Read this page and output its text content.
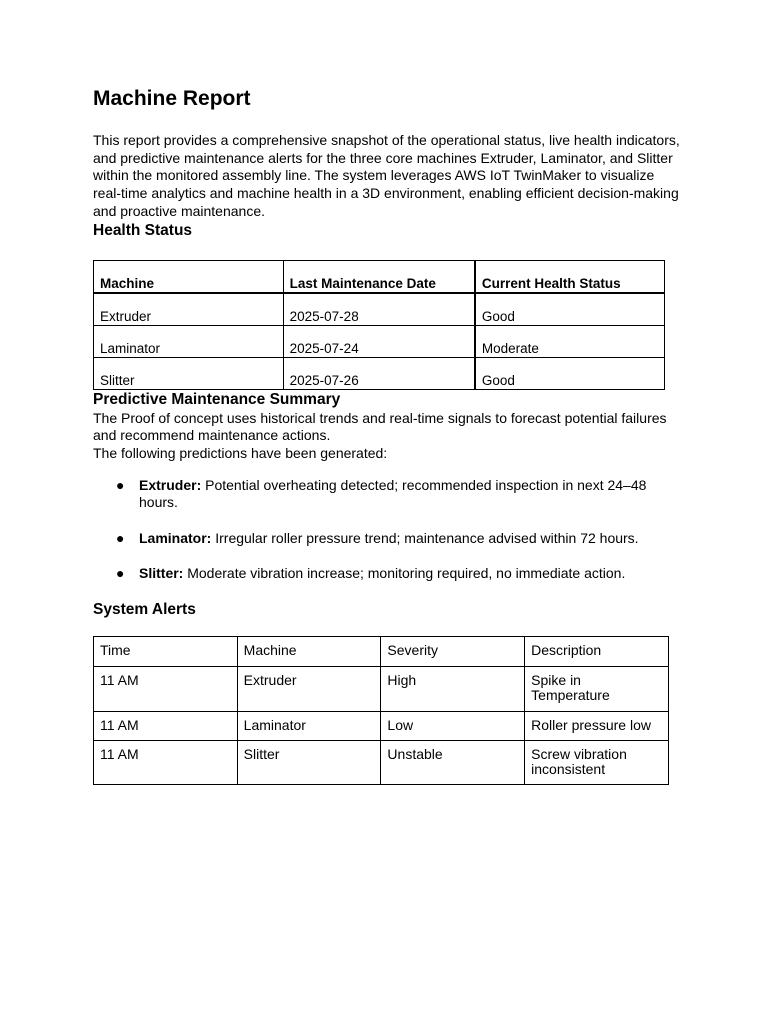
Machine Report

This report provides a comprehensive snapshot of the operational status, live health indicators, and predictive maintenance alerts for the three core machines Extruder, Laminator, and Slitter within the monitored assembly line. The system leverages AWS IoT TwinMaker to visualize real-time analytics and machine health in a 3D environment, enabling efficient decision-making and proactive maintenance.

Health Status
Machine	Last Maintenance Date	Current Health Status
Extruder	2025-07-28	Good
Laminator	2025-07-24	Moderate
Slitter	2025-07-26	Good
Predictive Maintenance Summary

The Proof of concept uses historical trends and real-time signals to forecast potential failures and recommend maintenance actions.

The following predictions have been generated:

● Extruder: Potential overheating detected; recommended inspection in next 24–48 hours.
● Laminator: Irregular roller pressure trend; maintenance advised within 72 hours.
● Slitter: Moderate vibration increase; monitoring required, no immediate action.
System Alerts
Time	Machine	Severity	Description
11 AM	Extruder	High	Spike in Temperature
11 AM	Laminator	Low	Roller pressure low
11 AM	Slitter	Unstable	Screw vibration inconsistent
